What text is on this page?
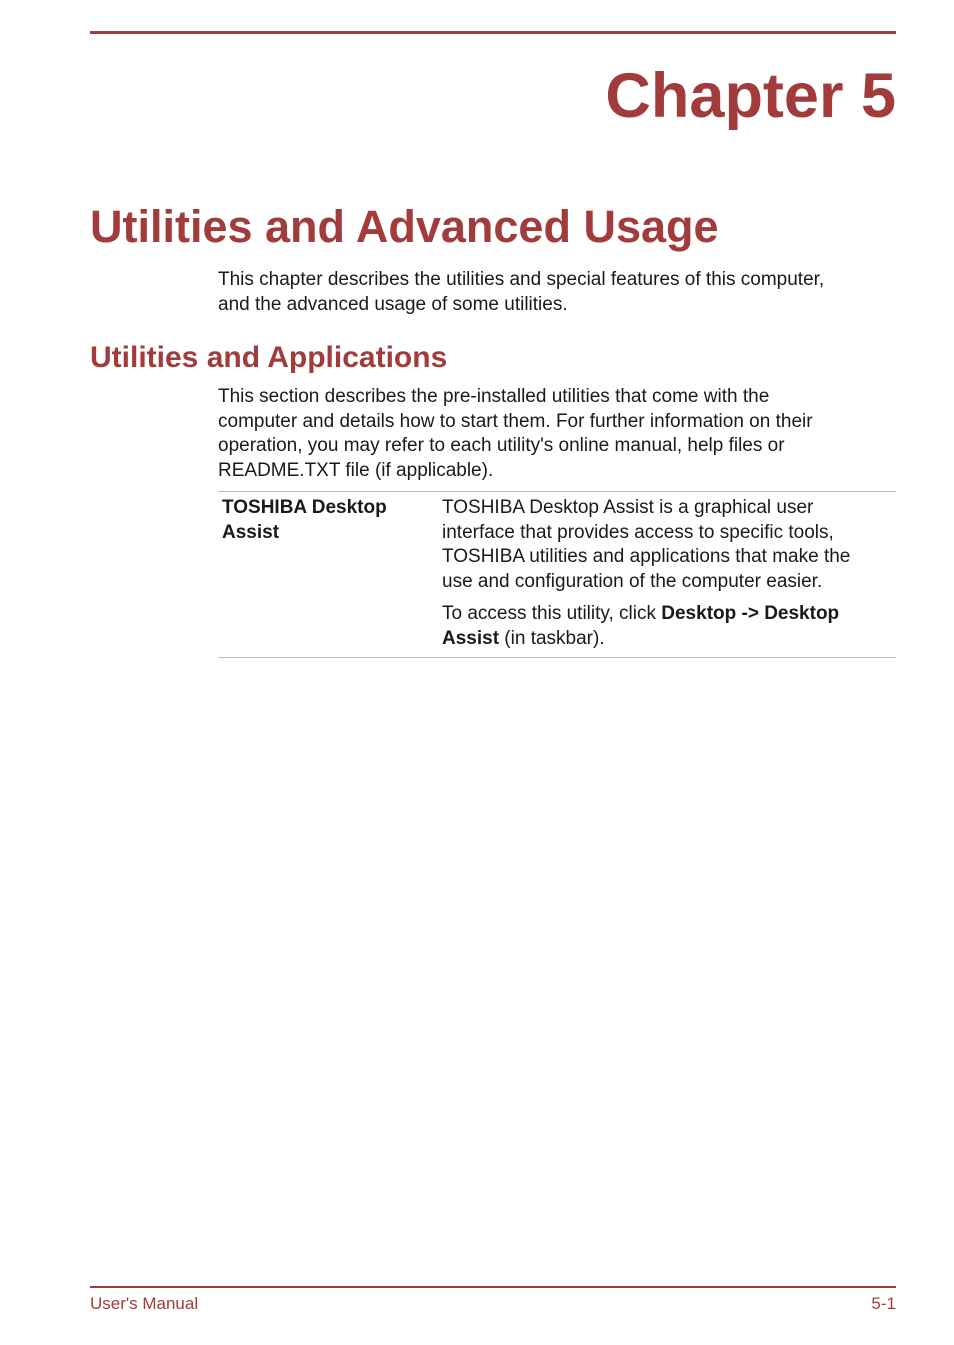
Chapter 5
Utilities and Advanced Usage

This chapter describes the utilities and special features of this computer,
and the advanced usage of some utilities.

Utilities and Applications

This section describes the pre-installed utilities that come with the
computer and details how to start them. For further information on their
operation, you may refer to each utility's online manual, help files or
README.TXT file (if applicable).

TOSHIBA Desktop
Assist

TOSHIBA Desktop Assist is a graphical user
interface that provides access to specific tools,
TOSHIBA utilities and applications that make the
use and configuration of the computer easier.

To access this utility, click Desktop -> Desktop
Assist (in taskbar).

User's Manual	5-1
